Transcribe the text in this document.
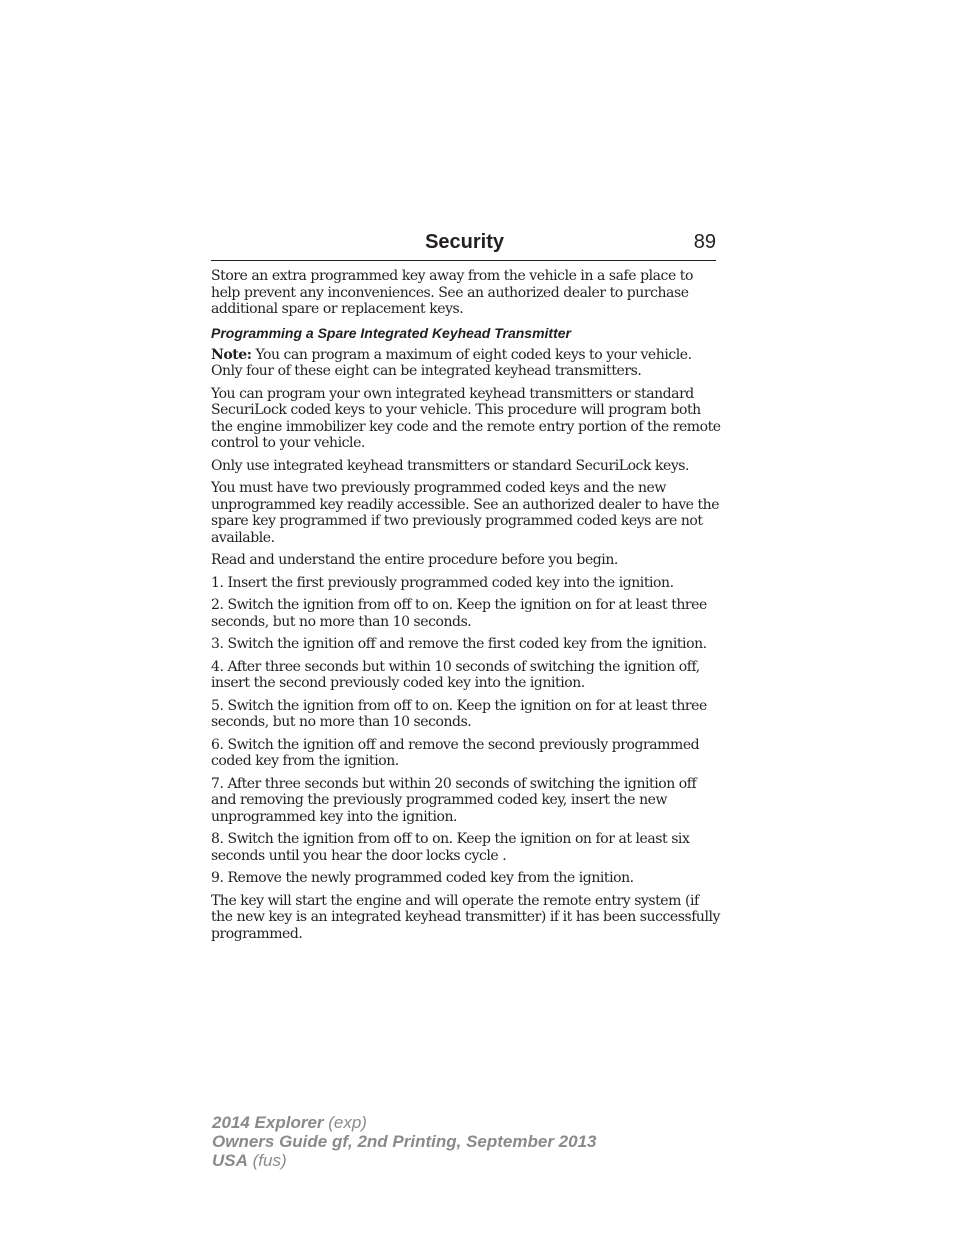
Security	89

Store an extra programmed key away from the vehicle in a safe place to help prevent any inconveniences. See an authorized dealer to purchase additional spare or replacement keys.

Programming a Spare Integrated Keyhead Transmitter

Note: You can program a maximum of eight coded keys to your vehicle. Only four of these eight can be integrated keyhead transmitters.

You can program your own integrated keyhead transmitters or standard SecuriLock coded keys to your vehicle. This procedure will program both the engine immobilizer key code and the remote entry portion of the remote control to your vehicle.

Only use integrated keyhead transmitters or standard SecuriLock keys.

You must have two previously programmed coded keys and the new unprogrammed key readily accessible. See an authorized dealer to have the spare key programmed if two previously programmed coded keys are not available.

Read and understand the entire procedure before you begin.

1. Insert the first previously programmed coded key into the ignition.

2. Switch the ignition from off to on. Keep the ignition on for at least three seconds, but no more than 10 seconds.

3. Switch the ignition off and remove the first coded key from the ignition.

4. After three seconds but within 10 seconds of switching the ignition off, insert the second previously coded key into the ignition.

5. Switch the ignition from off to on. Keep the ignition on for at least three seconds, but no more than 10 seconds.

6. Switch the ignition off and remove the second previously programmed coded key from the ignition.

7. After three seconds but within 20 seconds of switching the ignition off and removing the previously programmed coded key, insert the new unprogrammed key into the ignition.

8. Switch the ignition from off to on. Keep the ignition on for at least six seconds until you hear the door locks cycle .

9. Remove the newly programmed coded key from the ignition.

The key will start the engine and will operate the remote entry system (if the new key is an integrated keyhead transmitter) if it has been successfully programmed.

2014 Explorer (exp)
Owners Guide gf, 2nd Printing, September 2013
USA (fus)
